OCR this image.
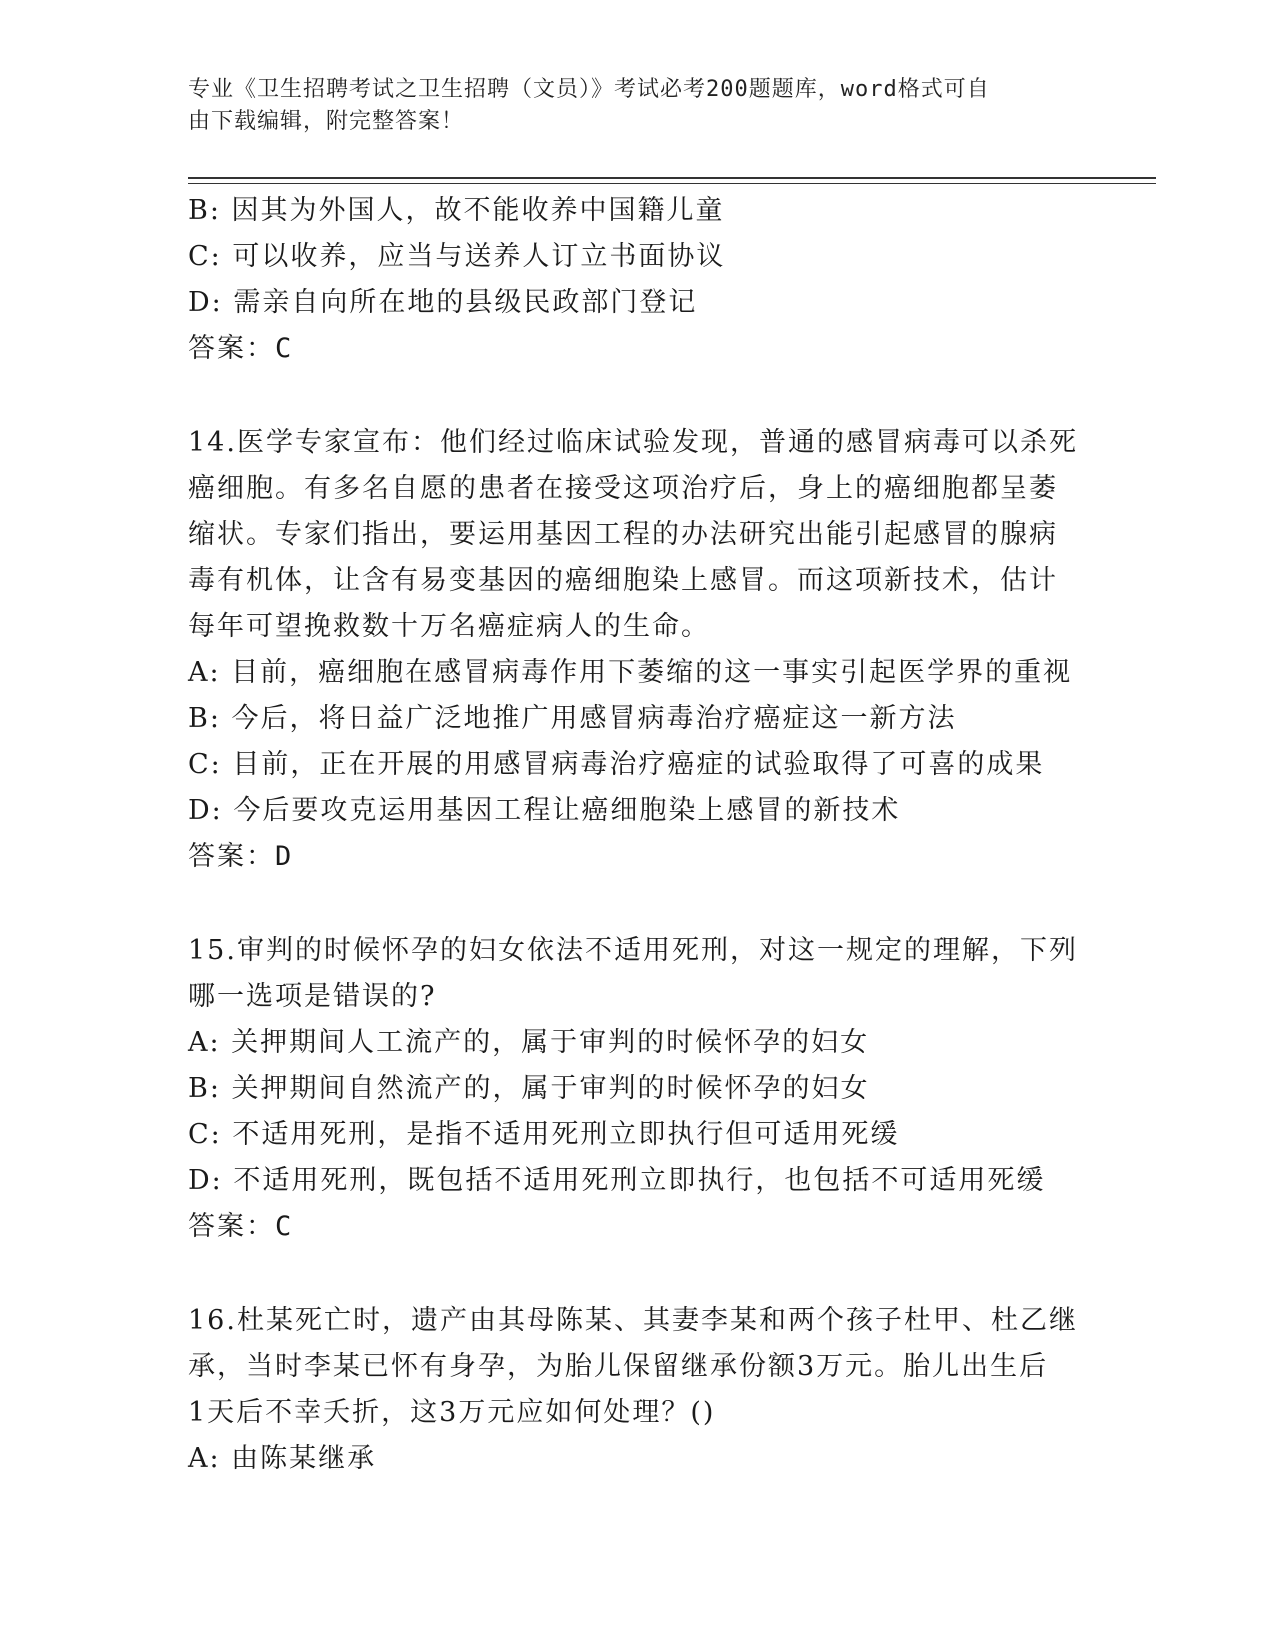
专业《卫生招聘考试之卫生招聘（文员）》考试必考200题题库，word格式可自
由下载编辑，附完整答案！
B: 因其为外国人，故不能收养中国籍儿童
C: 可以收养，应当与送养人订立书面协议
D: 需亲自向所在地的县级民政部门登记
答案：C
14.医学专家宣布：他们经过临床试验发现，普通的感冒病毒可以杀死
癌细胞。有多名自愿的患者在接受这项治疗后，身上的癌细胞都呈萎
缩状。专家们指出，要运用基因工程的办法研究出能引起感冒的腺病
毒有机体，让含有易变基因的癌细胞染上感冒。而这项新技术，估计
每年可望挽救数十万名癌症病人的生命。
A: 目前，癌细胞在感冒病毒作用下萎缩的这一事实引起医学界的重视
B: 今后，将日益广泛地推广用感冒病毒治疗癌症这一新方法
C: 目前，正在开展的用感冒病毒治疗癌症的试验取得了可喜的成果
D: 今后要攻克运用基因工程让癌细胞染上感冒的新技术
答案：D
15.审判的时候怀孕的妇女依法不适用死刑，对这一规定的理解，下列
哪一选项是错误的?
A: 关押期间人工流产的，属于审判的时候怀孕的妇女
B: 关押期间自然流产的，属于审判的时候怀孕的妇女
C: 不适用死刑，是指不适用死刑立即执行但可适用死缓
D: 不适用死刑，既包括不适用死刑立即执行，也包括不可适用死缓
答案：C
16.杜某死亡时，遗产由其母陈某、其妻李某和两个孩子杜甲、杜乙继
承，当时李某已怀有身孕，为胎儿保留继承份额3万元。胎儿出生后
1天后不幸夭折，这3万元应如何处理？()
A: 由陈某继承
